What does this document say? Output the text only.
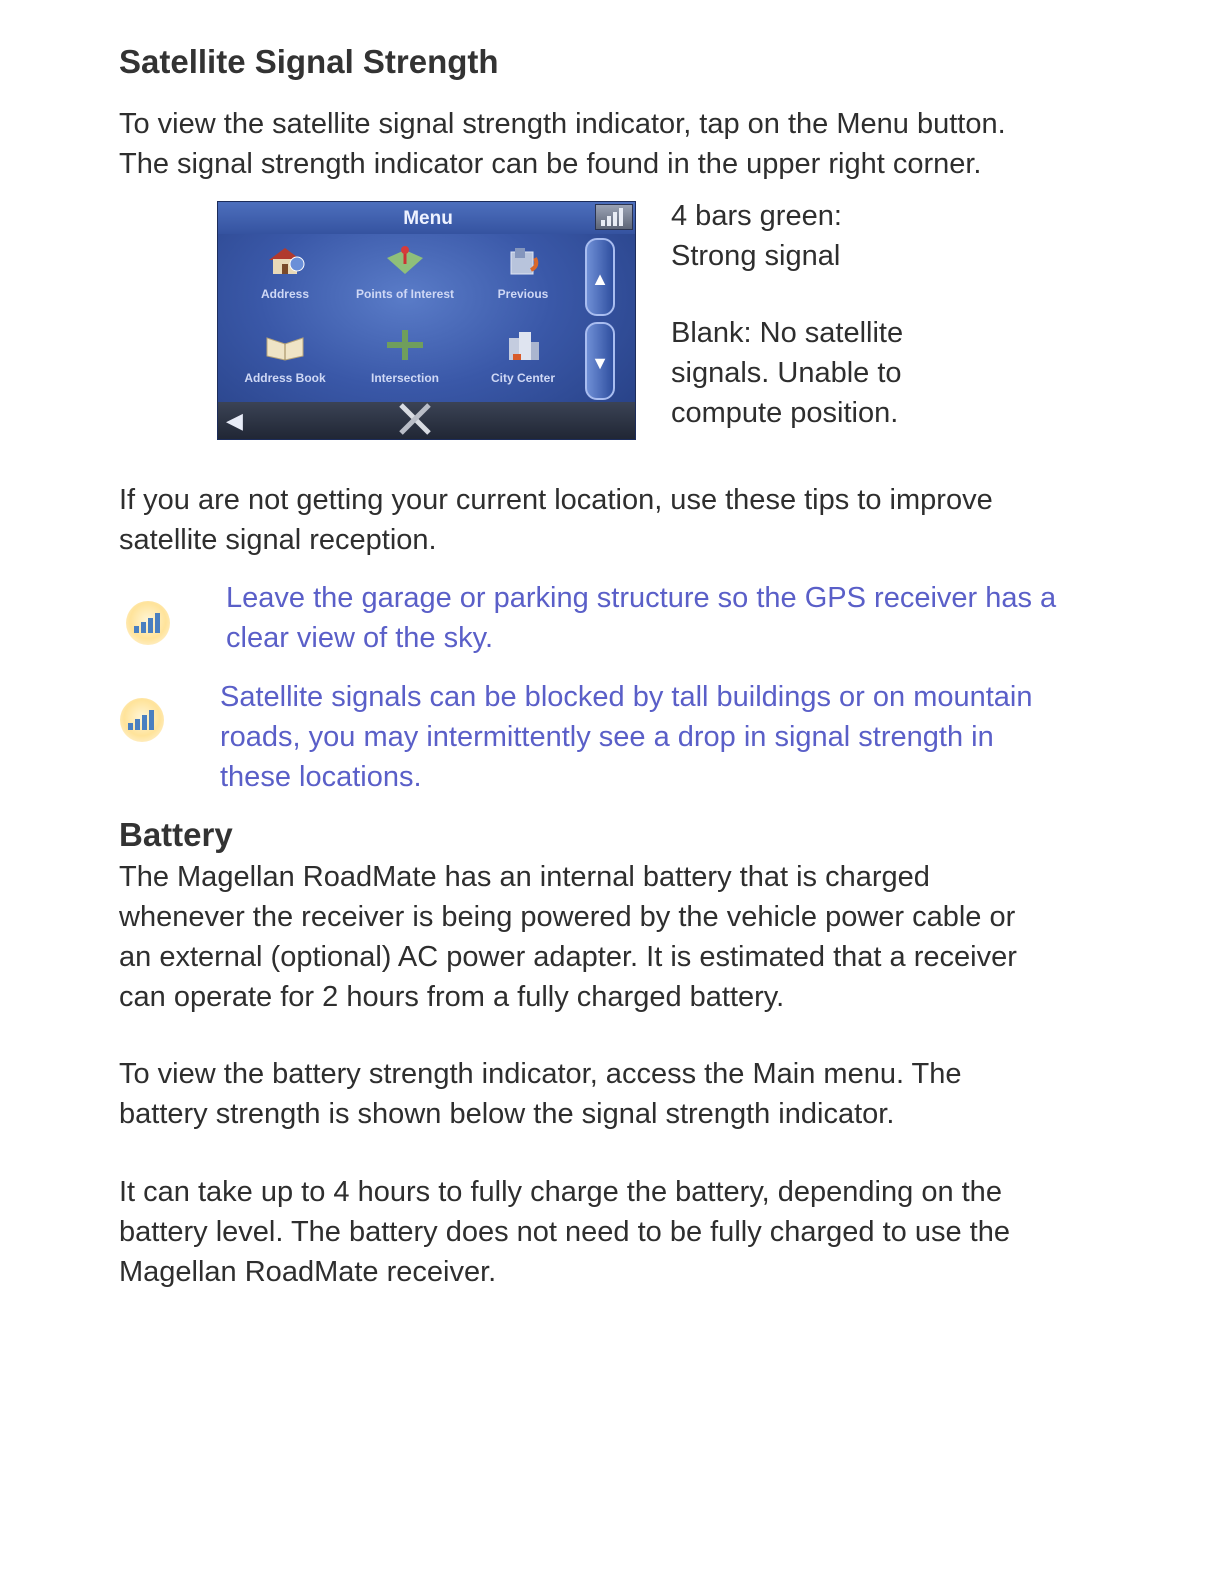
Satellite Signal Strength

To view the satellite signal strength indicator, tap on the Menu button.

The signal strength indicator can be found in the upper right corner.

Menu
Address	Points of Interest	Previous
Address Book	Intersection	City Center
▲
▼
◀

4 bars green:

Strong signal

Blank: No satellite

signals. Unable to

compute position.

If you are not getting your current location, use these tips to improve

satellite signal reception.

Leave the garage or parking structure so the GPS receiver has a

clear view of the sky.

Satellite signals can be blocked by tall buildings or on mountain

roads, you may intermittently see a drop in signal strength in

these locations.

Battery

The Magellan RoadMate has an internal battery that is charged

whenever the receiver is being powered by the vehicle power cable or

an external (optional) AC power adapter. It is estimated that a receiver

can operate for 2 hours from a fully charged battery.

To view the battery strength indicator, access the Main menu. The

battery strength is shown below the signal strength indicator.

It can take up to 4 hours to fully charge the battery, depending on the

battery level. The battery does not need to be fully charged to use the

Magellan RoadMate receiver.
